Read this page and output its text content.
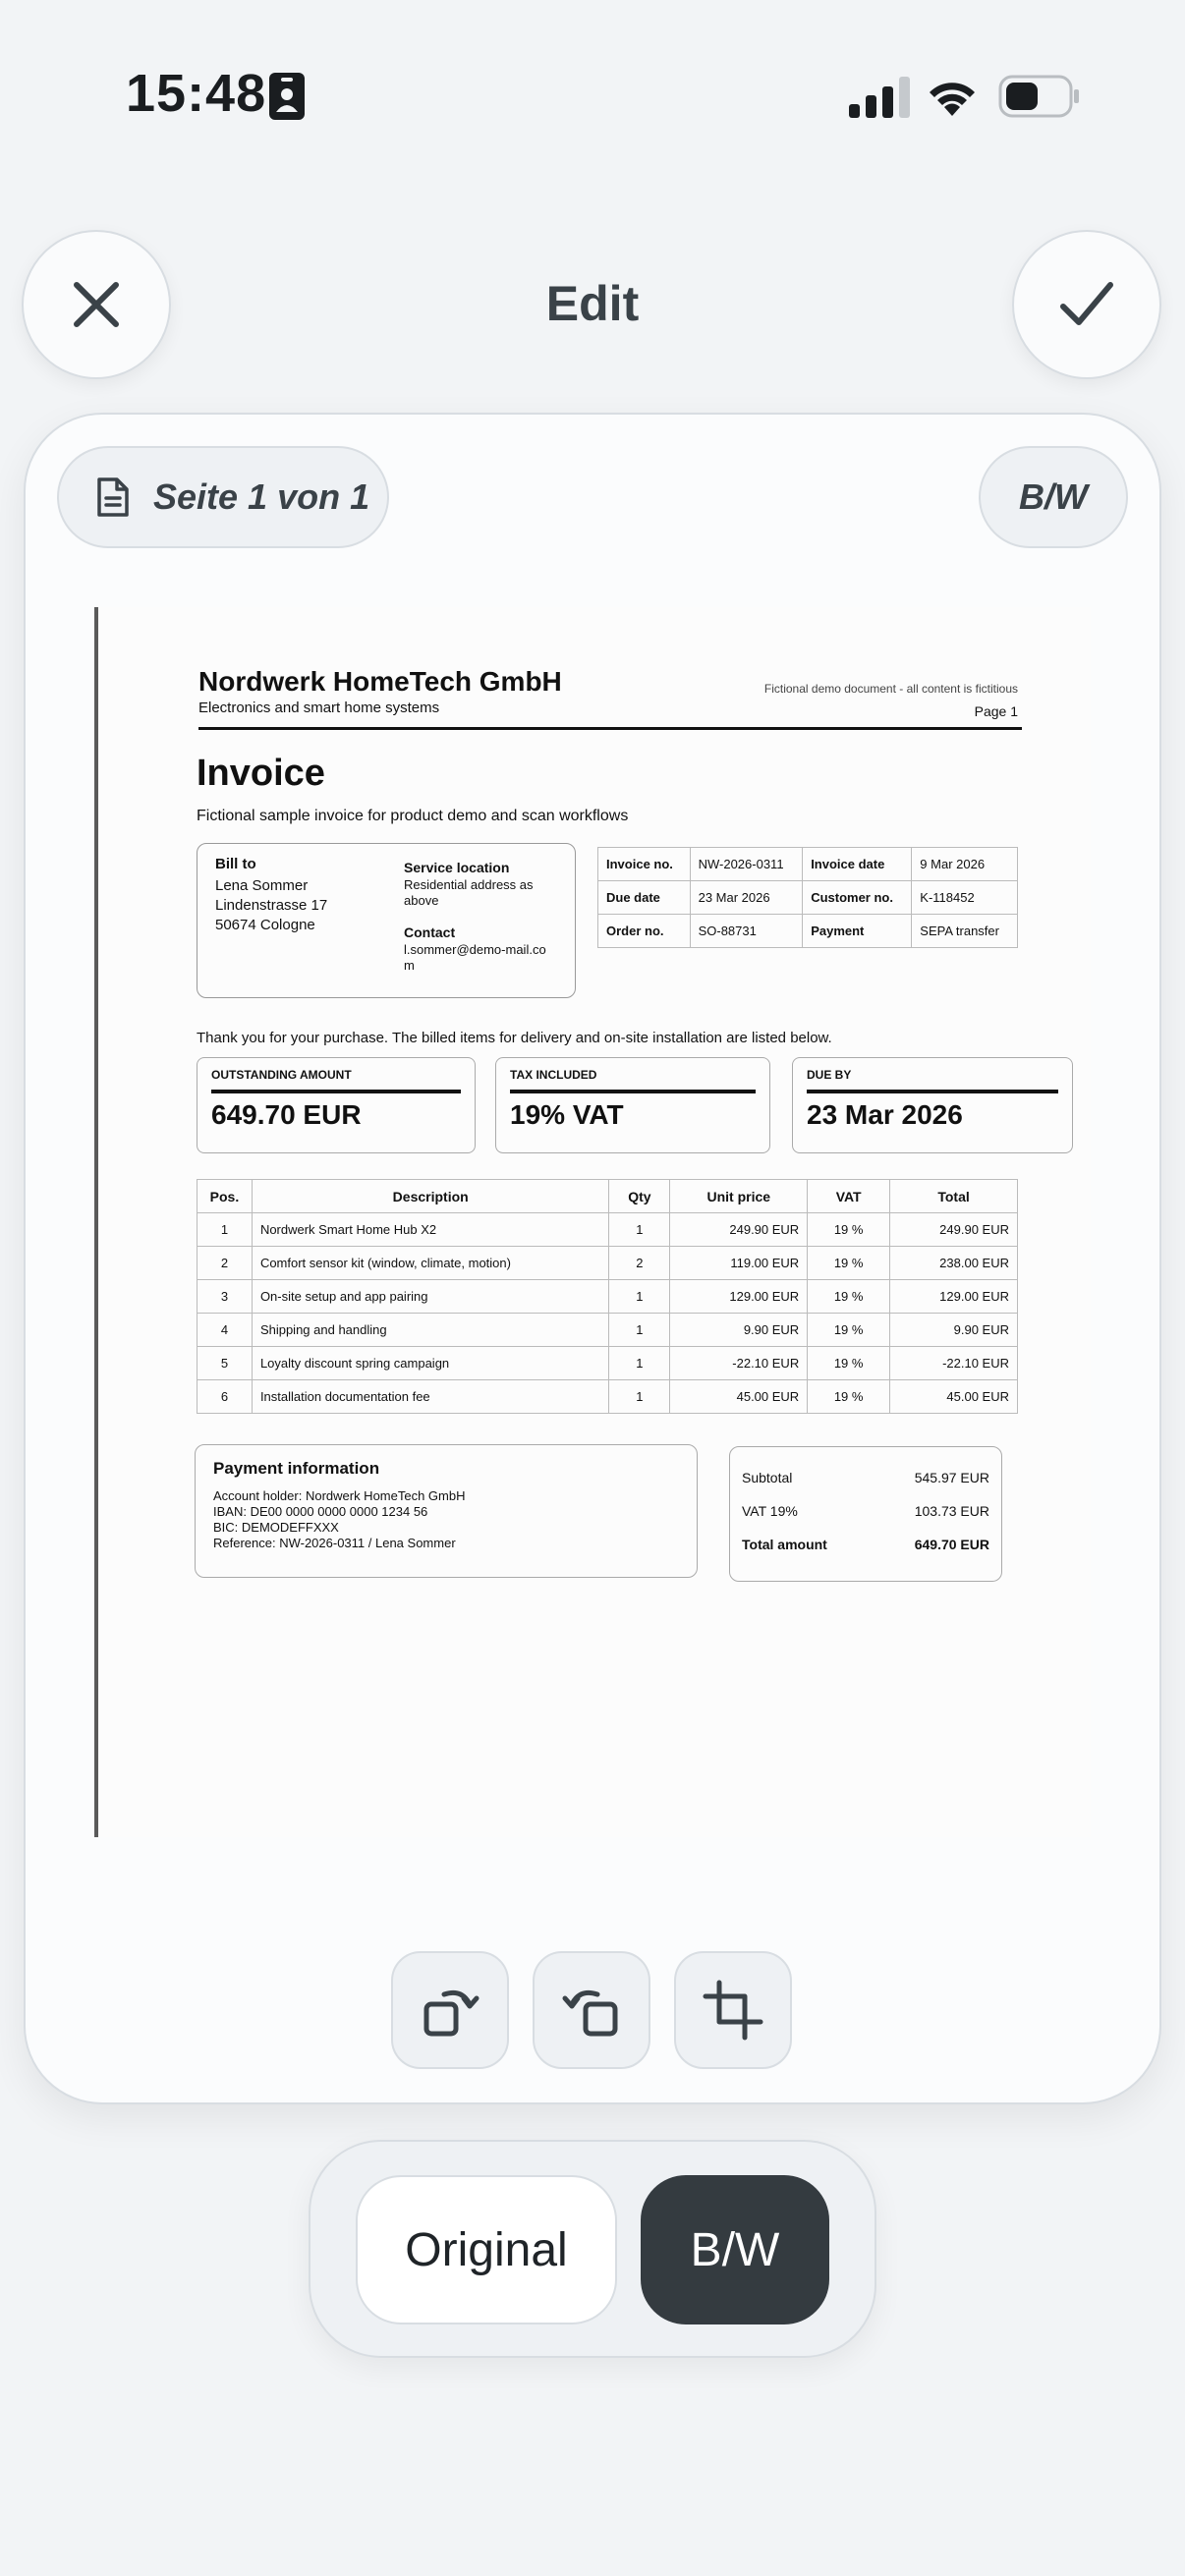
15:48
Edit
Seite 1 von 1	B/W
Nordwerk HomeTech GmbH
Electronics and smart home systems
Fictional demo document - all content is fictitious
Page 1
Invoice
Fictional sample invoice for product demo and scan workflows
Bill to
Lena Sommer
Lindenstrasse 17
50674 Cologne
Service location
Residential address as above
Contact
l.sommer@demo-mail.com
Invoice no.	NW-2026-0311	Invoice date	9 Mar 2026
Due date	23 Mar 2026	Customer no.	K-118452
Order no.	SO-88731	Payment	SEPA transfer
Thank you for your purchase. The billed items for delivery and on-site installation are listed below.
OUTSTANDING AMOUNT
649.70 EUR
TAX INCLUDED
19% VAT
DUE BY
23 Mar 2026
Pos.	Description	Qty	Unit price	VAT	Total
1	Nordwerk Smart Home Hub X2	1	249.90 EUR	19 %	249.90 EUR
2	Comfort sensor kit (window, climate, motion)	2	119.00 EUR	19 %	238.00 EUR
3	On-site setup and app pairing	1	129.00 EUR	19 %	129.00 EUR
4	Shipping and handling	1	9.90 EUR	19 %	9.90 EUR
5	Loyalty discount spring campaign	1	-22.10 EUR	19 %	-22.10 EUR
6	Installation documentation fee	1	45.00 EUR	19 %	45.00 EUR
Payment information
Account holder: Nordwerk HomeTech GmbH
IBAN: DE00 0000 0000 0000 1234 56
BIC: DEMODEFFXXX
Reference: NW-2026-0311 / Lena Sommer
Subtotal	545.97 EUR
VAT 19%	103.73 EUR
Total amount	649.70 EUR
Original	B/W
